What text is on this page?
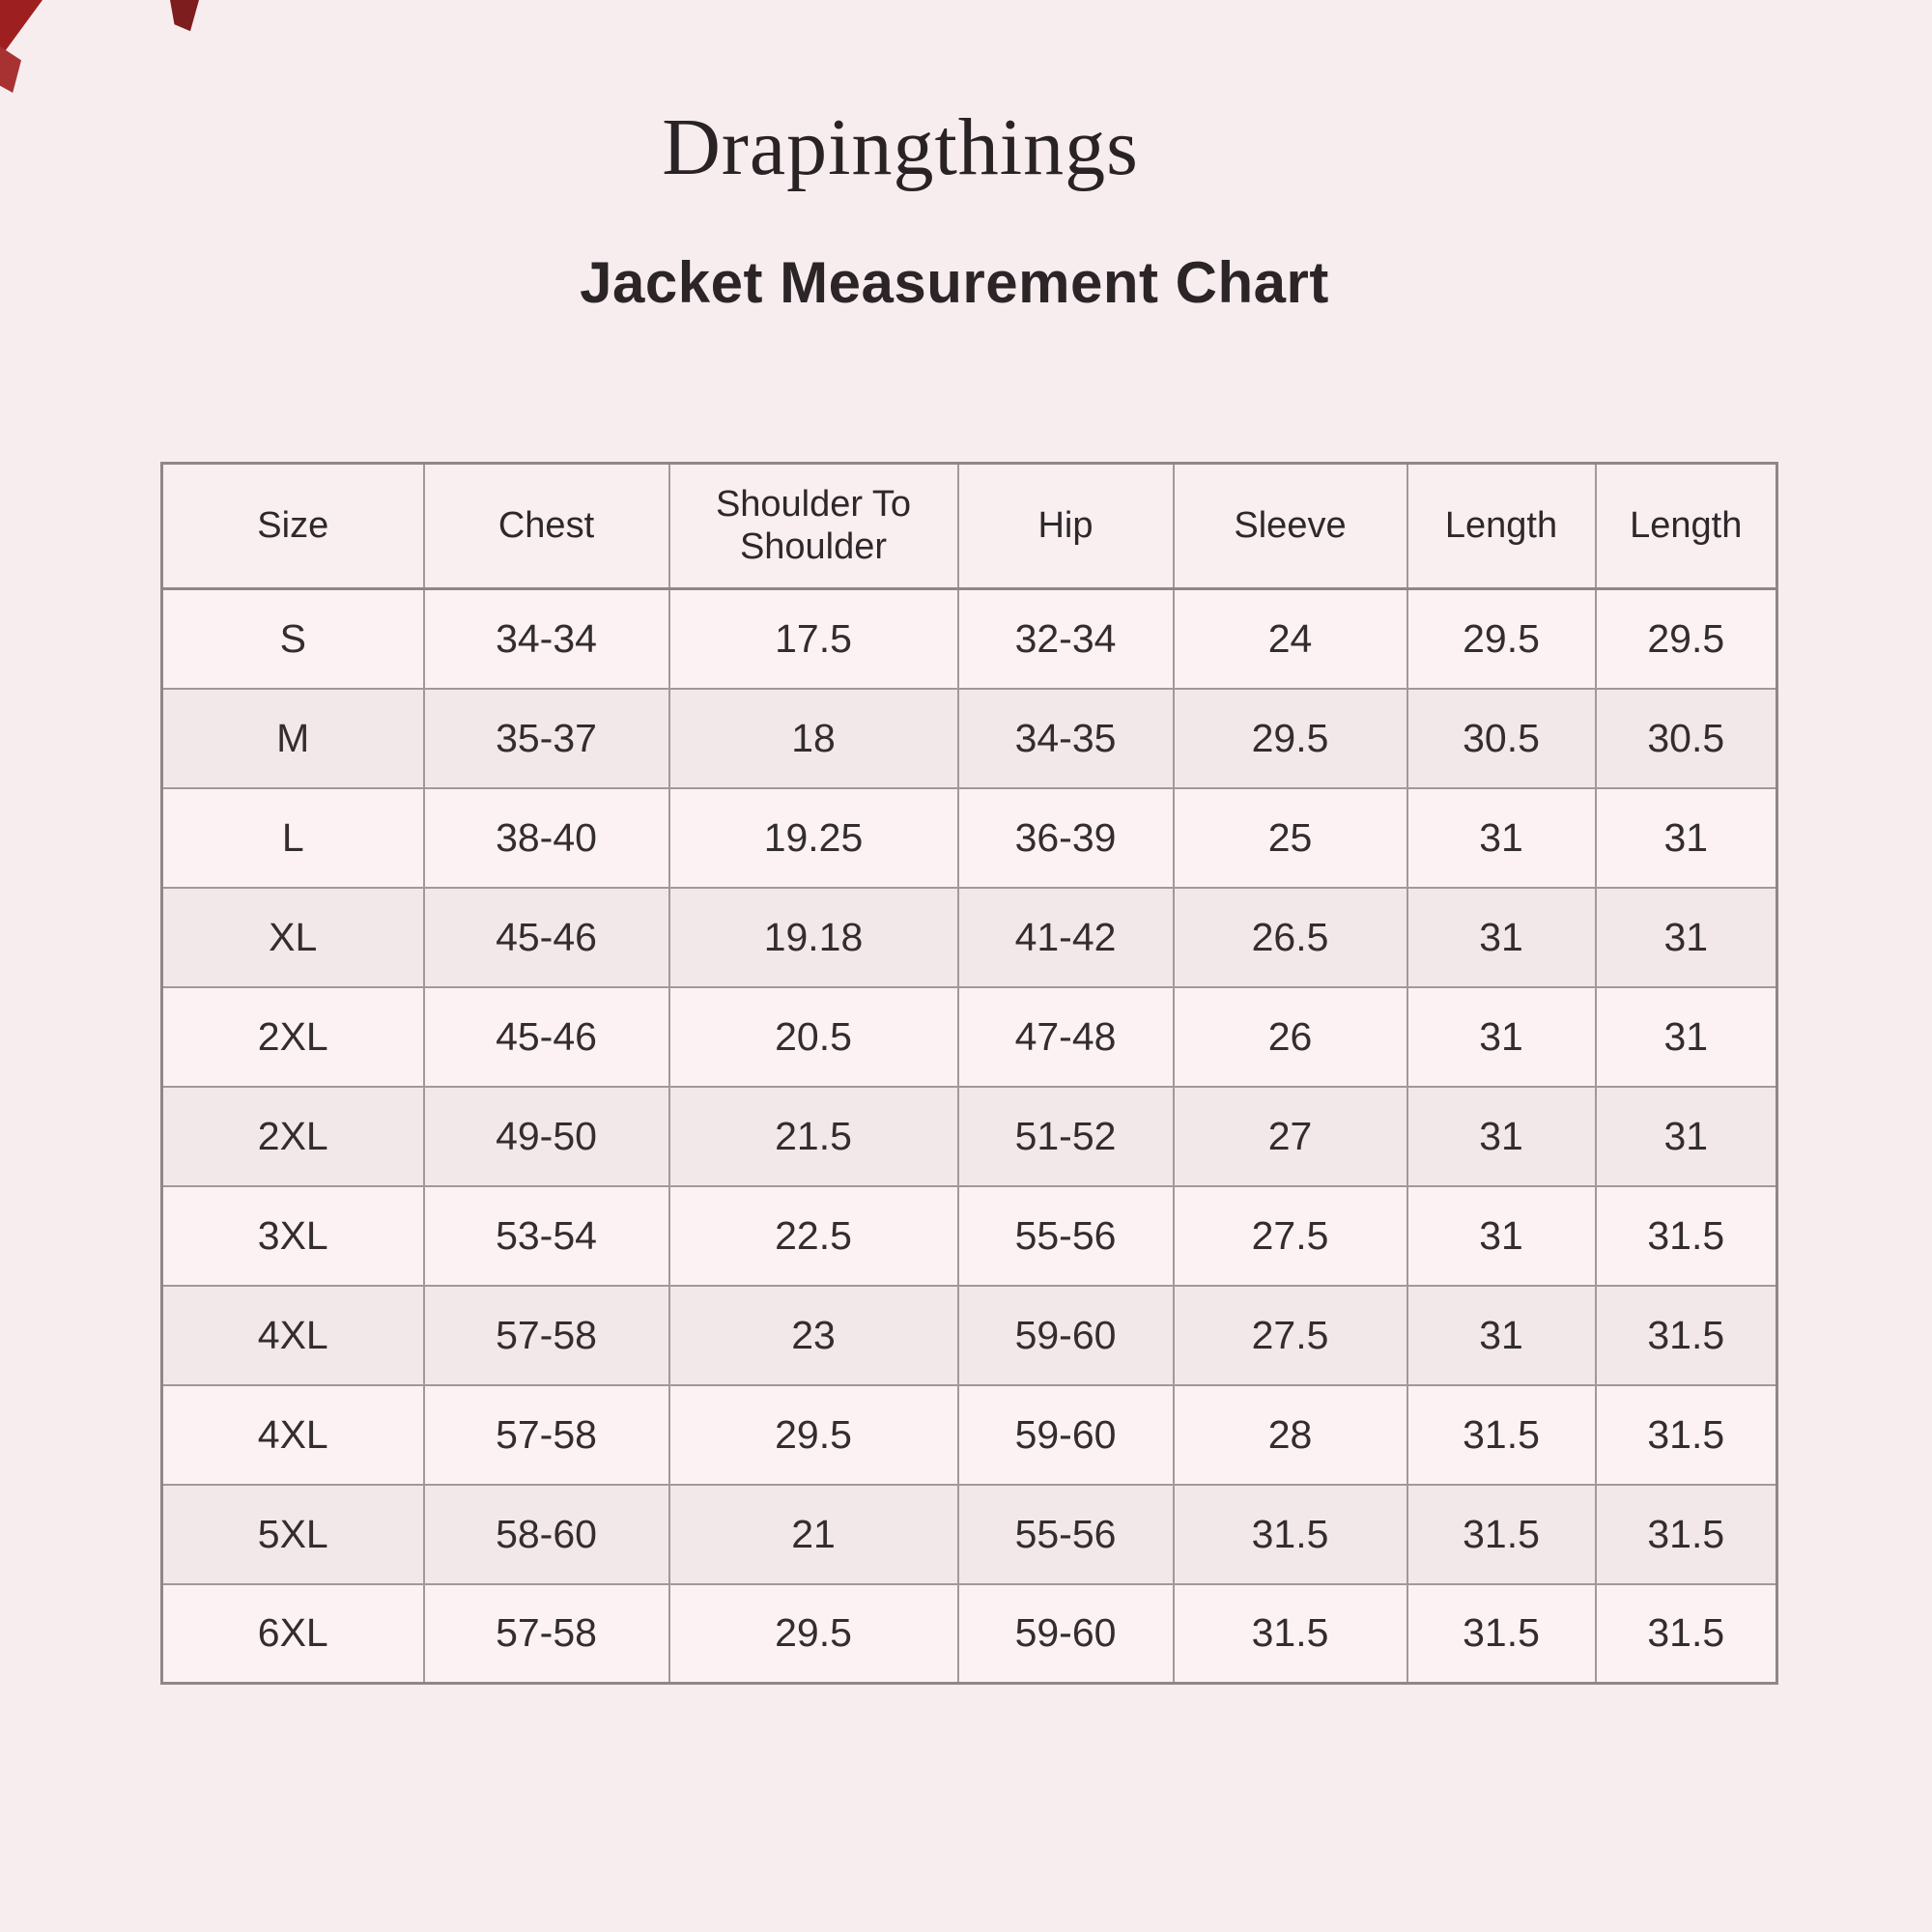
Drapingthings
Jacket Measurement Chart
Size	Chest	Shoulder To Shoulder	Hip	Sleeve	Length	Length
S	34-34	17.5	32-34	24	29.5	29.5
M	35-37	18	34-35	29.5	30.5	30.5
L	38-40	19.25	36-39	25	31	31
XL	45-46	19.18	41-42	26.5	31	31
2XL	45-46	20.5	47-48	26	31	31
2XL	49-50	21.5	51-52	27	31	31
3XL	53-54	22.5	55-56	27.5	31	31.5
4XL	57-58	23	59-60	27.5	31	31.5
4XL	57-58	29.5	59-60	28	31.5	31.5
5XL	58-60	21	55-56	31.5	31.5	31.5
6XL	57-58	29.5	59-60	31.5	31.5	31.5
